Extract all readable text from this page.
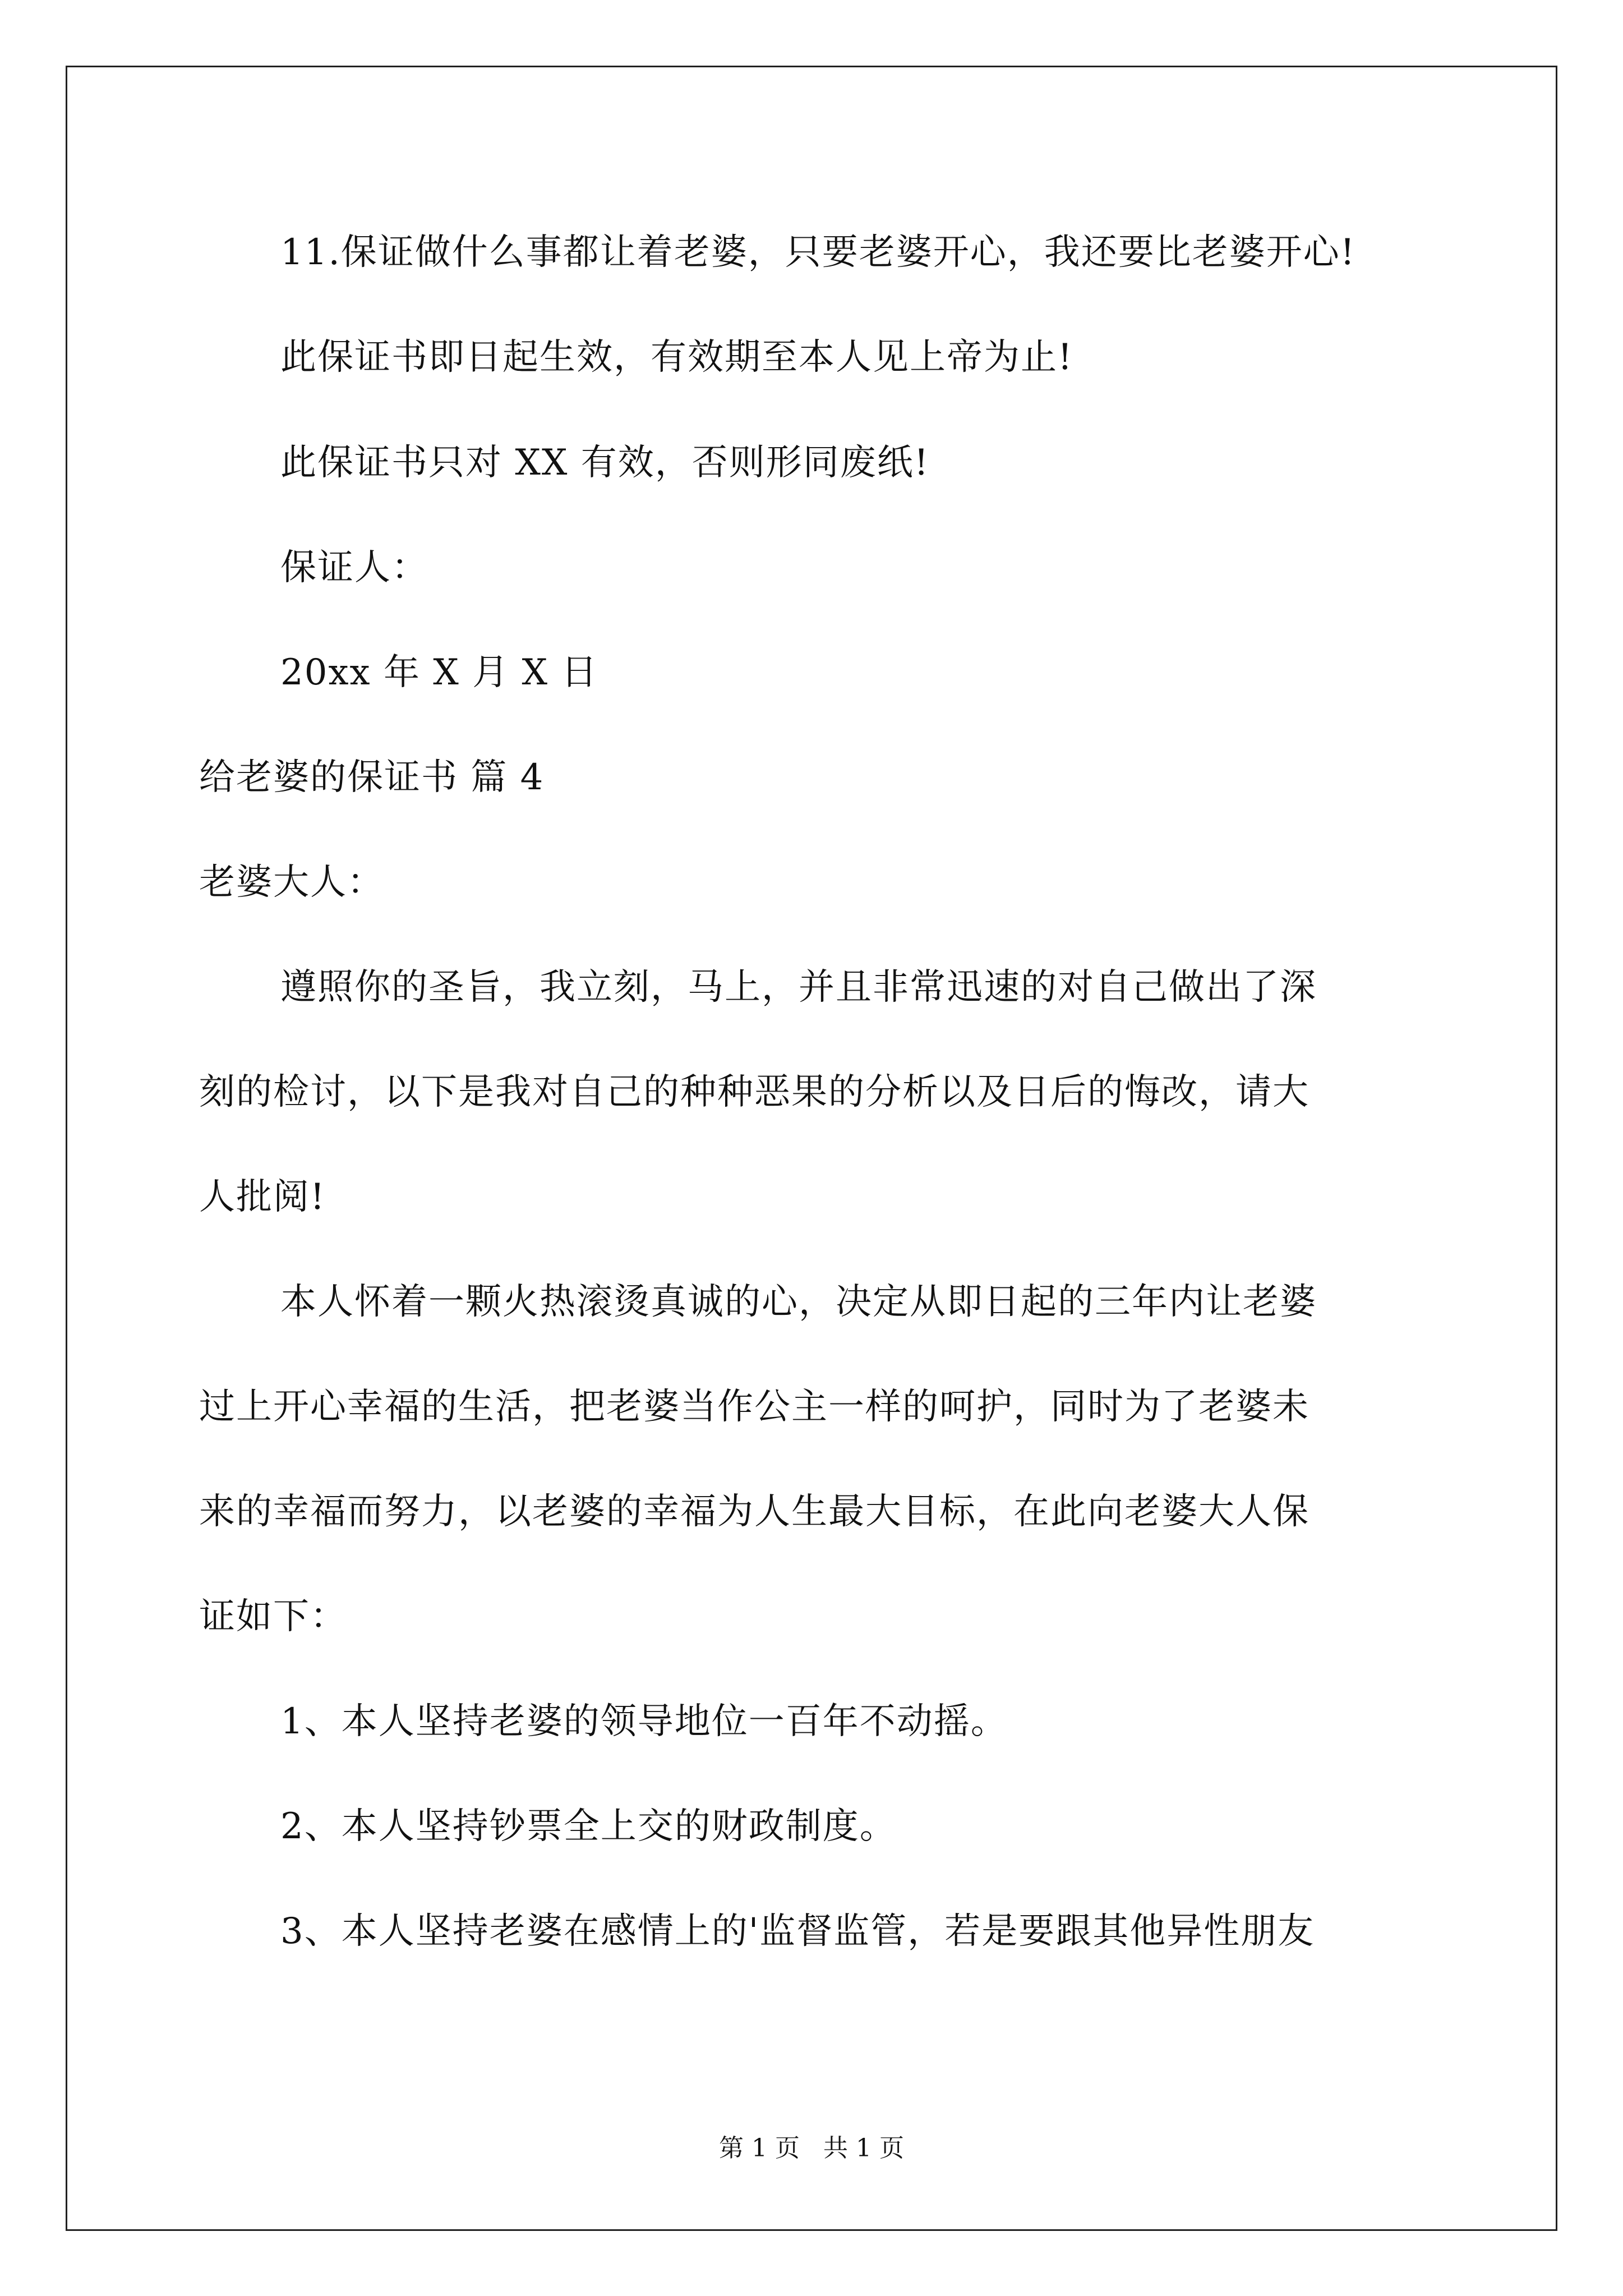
11.保证做什么事都让着老婆，只要老婆开心，我还要比老婆开心!
此保证书即日起生效，有效期至本人见上帝为止!
此保证书只对 XX 有效，否则形同废纸!
保证人：
20xx 年 X 月 X 日
给老婆的保证书 篇 4
老婆大人：
遵照你的圣旨，我立刻，马上，并且非常迅速的对自己做出了深
刻的检讨，以下是我对自己的种种恶果的分析以及日后的悔改，请大
人批阅!
本人怀着一颗火热滚烫真诚的心，决定从即日起的三年内让老婆
过上开心幸福的生活，把老婆当作公主一样的呵护，同时为了老婆未
来的幸福而努力，以老婆的幸福为人生最大目标，在此向老婆大人保
证如下：
1、本人坚持老婆的领导地位一百年不动摇。
2、本人坚持钞票全上交的财政制度。
3、本人坚持老婆在感情上的'监督监管，若是要跟其他异性朋友
第 1 页 共 1 页
